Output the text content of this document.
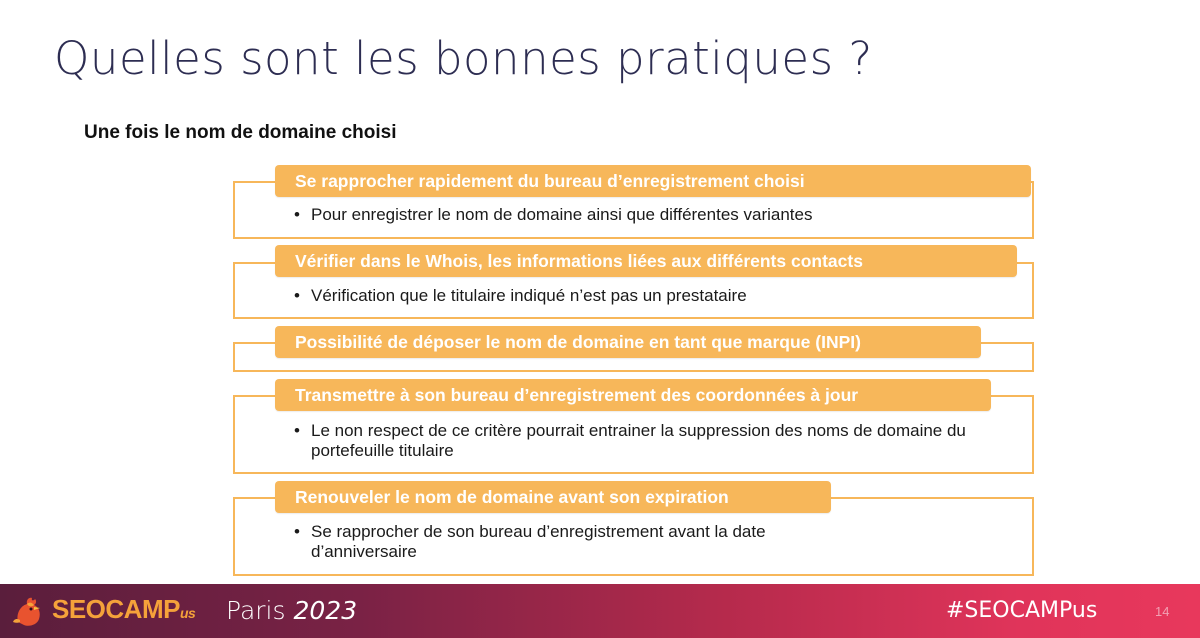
Quelles sont les bonnes pratiques ?
Une fois le nom de domaine choisi
Se rapprocher rapidement du bureau d’enregistrement choisi
• Pour enregistrer le nom de domaine ainsi que différentes variantes
Vérifier dans le Whois, les informations liées aux différents contacts
• Vérification que le titulaire indiqué n’est pas un prestataire
Possibilité de déposer le nom de domaine en tant que marque (INPI)
Transmettre à son bureau d’enregistrement des coordonnées à jour
• Le non respect de ce critère pourrait entrainer la suppression des noms de domaine du portefeuille titulaire
Renouveler le nom de domaine avant son expiration
• Se rapprocher de son bureau d’enregistrement avant la date d’anniversaire
SEOCAMPus Paris 2023	#SEOCAMPus	14
